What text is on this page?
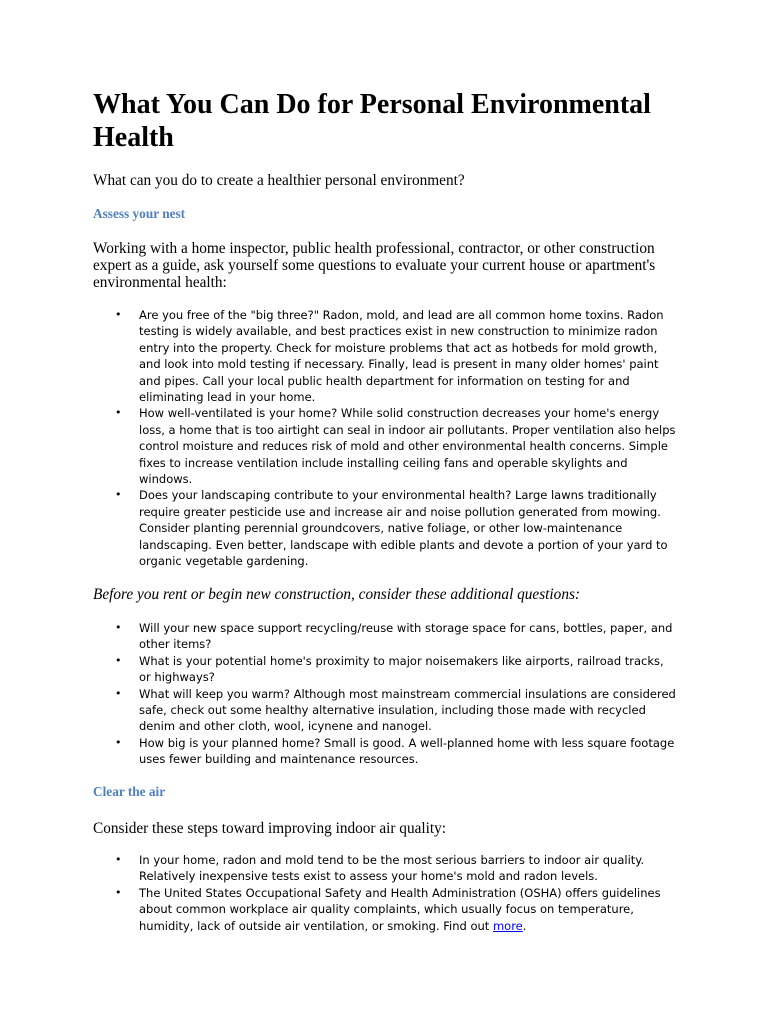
What You Can Do for Personal Environmental Health

What can you do to create a healthier personal environment?

Assess your nest

Working with a home inspector, public health professional, contractor, or other construction expert as a guide, ask yourself some questions to evaluate your current house or apartment's environmental health:

• Are you free of the "big three?" Radon, mold, and lead are all common home toxins. Radon testing is widely available, and best practices exist in new construction to minimize radon entry into the property. Check for moisture problems that act as hotbeds for mold growth, and look into mold testing if necessary. Finally, lead is present in many older homes' paint and pipes. Call your local public health department for information on testing for and eliminating lead in your home.
• How well-ventilated is your home? While solid construction decreases your home's energy loss, a home that is too airtight can seal in indoor air pollutants. Proper ventilation also helps control moisture and reduces risk of mold and other environmental health concerns. Simple fixes to increase ventilation include installing ceiling fans and operable skylights and windows.
• Does your landscaping contribute to your environmental health? Large lawns traditionally require greater pesticide use and increase air and noise pollution generated from mowing. Consider planting perennial groundcovers, native foliage, or other low-maintenance landscaping. Even better, landscape with edible plants and devote a portion of your yard to organic vegetable gardening.

Before you rent or begin new construction, consider these additional questions:

• Will your new space support recycling/reuse with storage space for cans, bottles, paper, and other items?
• What is your potential home's proximity to major noisemakers like airports, railroad tracks, or highways?
• What will keep you warm? Although most mainstream commercial insulations are considered safe, check out some healthy alternative insulation, including those made with recycled denim and other cloth, wool, icynene and nanogel.
• How big is your planned home? Small is good. A well-planned home with less square footage uses fewer building and maintenance resources.
Clear the air

Consider these steps toward improving indoor air quality:

• In your home, radon and mold tend to be the most serious barriers to indoor air quality. Relatively inexpensive tests exist to assess your home's mold and radon levels.
• The United States Occupational Safety and Health Administration (OSHA) offers guidelines about common workplace air quality complaints, which usually focus on temperature, humidity, lack of outside air ventilation, or smoking. Find out more.
